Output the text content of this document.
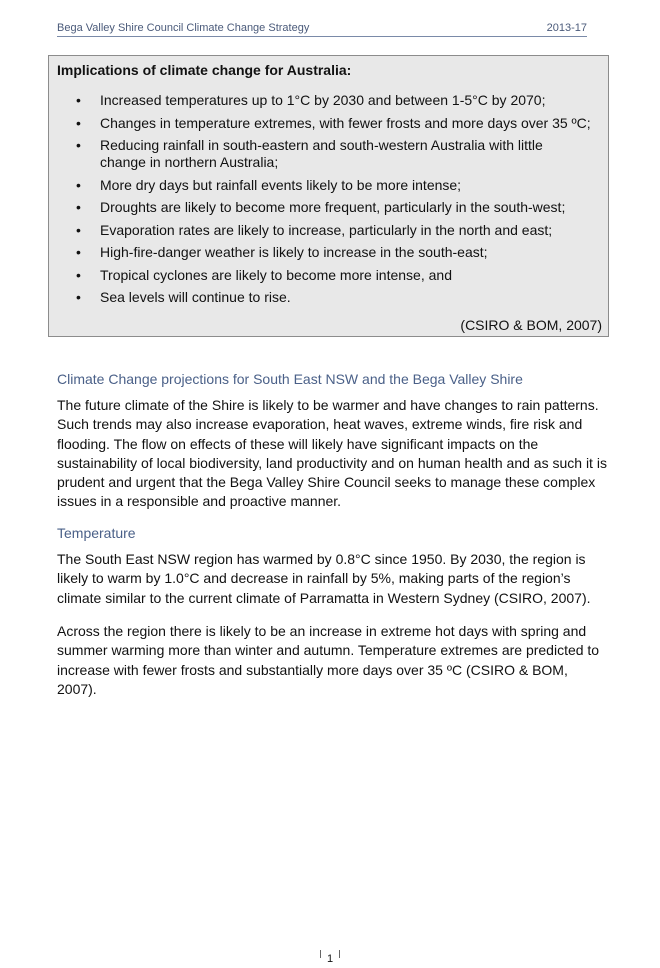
Bega Valley Shire Council Climate Change Strategy	2013-17
Implications of climate change for Australia:
• Increased temperatures up to 1°C by 2030 and between 1-5°C by 2070;
• Changes in temperature extremes, with fewer frosts and more days over 35 ºC;
• Reducing rainfall in south-eastern and south-western Australia with little change in northern Australia;
• More dry days but rainfall events likely to be more intense;
• Droughts are likely to become more frequent, particularly in the south-west;
• Evaporation rates are likely to increase, particularly in the north and east;
• High-fire-danger weather is likely to increase in the south-east;
• Tropical cyclones are likely to become more intense, and
• Sea levels will continue to rise.
(CSIRO & BOM, 2007)
Climate Change projections for South East NSW and the Bega Valley Shire

The future climate of the Shire is likely to be warmer and have changes to rain patterns. Such trends may also increase evaporation, heat waves, extreme winds, fire risk and flooding. The flow on effects of these will likely have significant impacts on the sustainability of local biodiversity, land productivity and on human health and as such it is prudent and urgent that the Bega Valley Shire Council seeks to manage these complex issues in a responsible and proactive manner.

Temperature

The South East NSW region has warmed by 0.8°C since 1950. By 2030, the region is likely to warm by 1.0°C and decrease in rainfall by 5%, making parts of the region’s climate similar to the current climate of Parramatta in Western Sydney (CSIRO, 2007).

Across the region there is likely to be an increase in extreme hot days with spring and summer warming more than winter and autumn. Temperature extremes are predicted to increase with fewer frosts and substantially more days over 35 ºC (CSIRO & BOM, 2007).

1
